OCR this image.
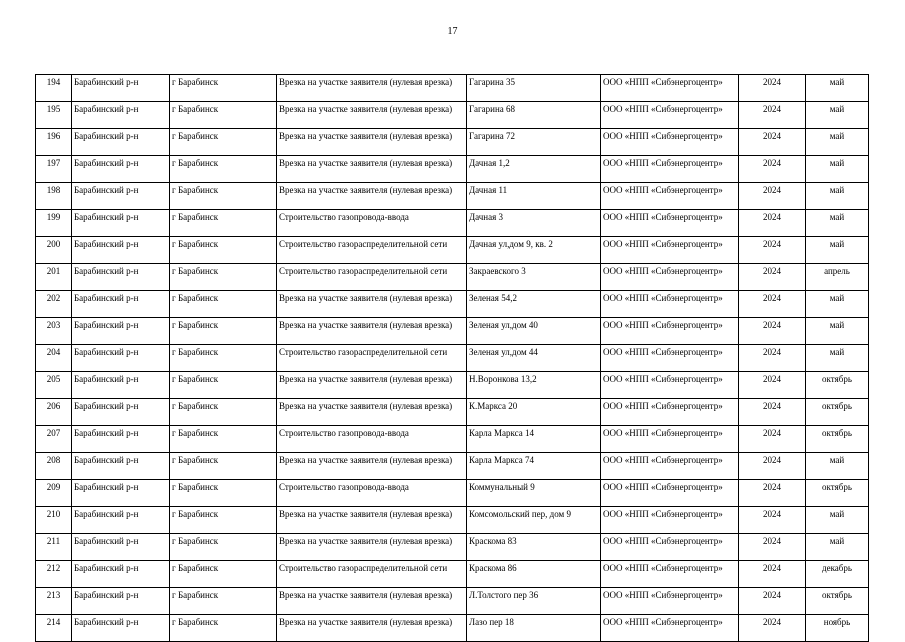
17
194	Барабинский р-н	г Барабинск	Врезка на участке заявителя (нулевая врезка)	Гагарина 35	ООО «НПП «Сибэнергоцентр»	2024	май
195	Барабинский р-н	г Барабинск	Врезка на участке заявителя (нулевая врезка)	Гагарина 68	ООО «НПП «Сибэнергоцентр»	2024	май
196	Барабинский р-н	г Барабинск	Врезка на участке заявителя (нулевая врезка)	Гагарина 72	ООО «НПП «Сибэнергоцентр»	2024	май
197	Барабинский р-н	г Барабинск	Врезка на участке заявителя (нулевая врезка)	Дачная 1,2	ООО «НПП «Сибэнергоцентр»	2024	май
198	Барабинский р-н	г Барабинск	Врезка на участке заявителя (нулевая врезка)	Дачная 11	ООО «НПП «Сибэнергоцентр»	2024	май
199	Барабинский р-н	г Барабинск	Строительство газопровода-ввода	Дачная 3	ООО «НПП «Сибэнергоцентр»	2024	май
200	Барабинский р-н	г Барабинск	Строительство газораспределительной сети	Дачная ул,дом 9, кв. 2	ООО «НПП «Сибэнергоцентр»	2024	май
201	Барабинский р-н	г Барабинск	Строительство газораспределительной сети	Закраевского 3	ООО «НПП «Сибэнергоцентр»	2024	апрель
202	Барабинский р-н	г Барабинск	Врезка на участке заявителя (нулевая врезка)	Зеленая 54,2	ООО «НПП «Сибэнергоцентр»	2024	май
203	Барабинский р-н	г Барабинск	Врезка на участке заявителя (нулевая врезка)	Зеленая ул,дом 40	ООО «НПП «Сибэнергоцентр»	2024	май
204	Барабинский р-н	г Барабинск	Строительство газораспределительной сети	Зеленая ул,дом 44	ООО «НПП «Сибэнергоцентр»	2024	май
205	Барабинский р-н	г Барабинск	Врезка на участке заявителя (нулевая врезка)	Н.Воронкова 13,2	ООО «НПП «Сибэнергоцентр»	2024	октябрь
206	Барабинский р-н	г Барабинск	Врезка на участке заявителя (нулевая врезка)	К.Маркса 20	ООО «НПП «Сибэнергоцентр»	2024	октябрь
207	Барабинский р-н	г Барабинск	Строительство газопровода-ввода	Карла Маркса 14	ООО «НПП «Сибэнергоцентр»	2024	октябрь
208	Барабинский р-н	г Барабинск	Врезка на участке заявителя (нулевая врезка)	Карла Маркса 74	ООО «НПП «Сибэнергоцентр»	2024	май
209	Барабинский р-н	г Барабинск	Строительство газопровода-ввода	Коммунальный 9	ООО «НПП «Сибэнергоцентр»	2024	октябрь
210	Барабинский р-н	г Барабинск	Врезка на участке заявителя (нулевая врезка)	Комсомольский пер, дом 9	ООО «НПП «Сибэнергоцентр»	2024	май
211	Барабинский р-н	г Барабинск	Врезка на участке заявителя (нулевая врезка)	Краскома 83	ООО «НПП «Сибэнергоцентр»	2024	май
212	Барабинский р-н	г Барабинск	Строительство газораспределительной сети	Краскома 86	ООО «НПП «Сибэнергоцентр»	2024	декабрь
213	Барабинский р-н	г Барабинск	Врезка на участке заявителя (нулевая врезка)	Л.Толстого пер 36	ООО «НПП «Сибэнергоцентр»	2024	октябрь
214	Барабинский р-н	г Барабинск	Врезка на участке заявителя (нулевая врезка)	Лазо пер 18	ООО «НПП «Сибэнергоцентр»	2024	ноябрь
